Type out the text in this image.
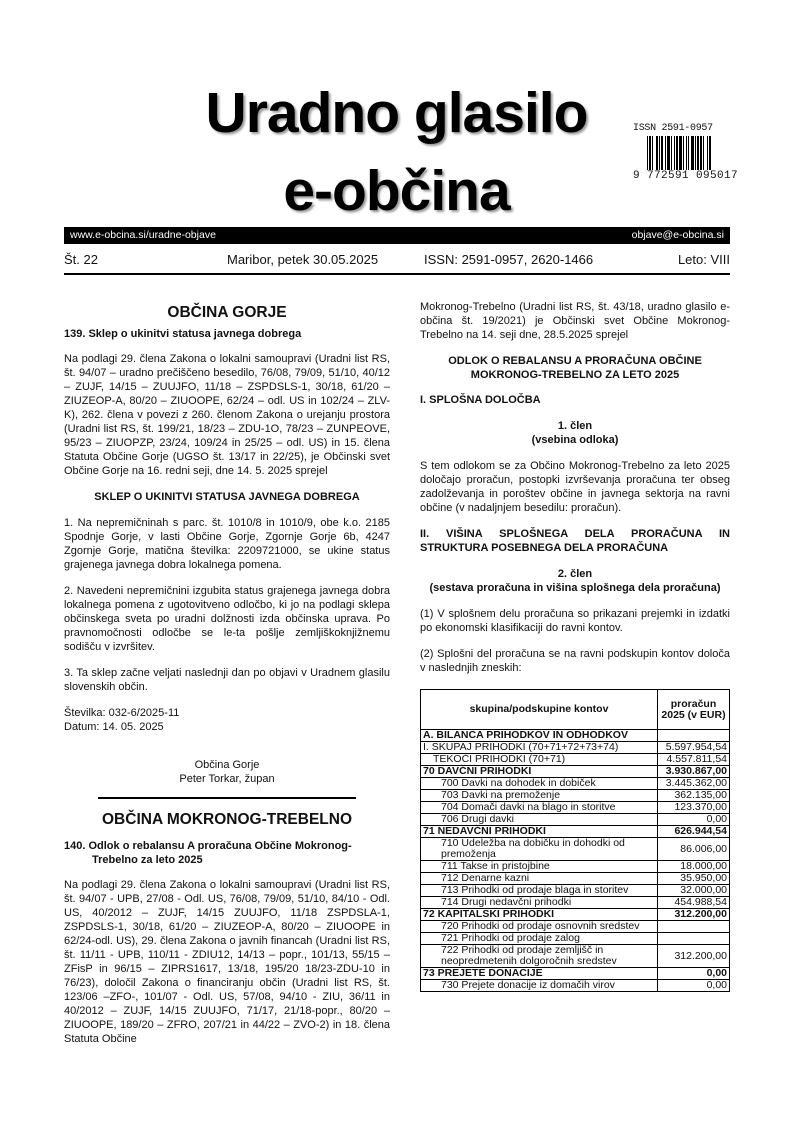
Uradno glasilo
e-občina
ISSN 2591-0957
9 772591 095017
www.e-obcina.si/uradne-objave	objave@e-obcina.si
Št. 22	Maribor, petek 30.05.2025	ISSN: 2591-0957, 2620-1466	Leto: VIII
OBČINA GORJE
139. Sklep o ukinitvi statusa javnega dobrega

Na podlagi 29. člena Zakona o lokalni samoupravi (Uradni list RS, št. 94/07 – uradno prečiščeno besedilo, 76/08, 79/09, 51/10, 40/12 – ZUJF, 14/15 – ZUUJFO, 11/18 – ZSPDSLS-1, 30/18, 61/20 – ZIUZEOP-A, 80/20 – ZIUOOPE, 62/24 – odl. US in 102/24 – ZLV-K), 262. člena v povezi z 260. členom Zakona o urejanju prostora (Uradni list RS, št. 199/21, 18/23 – ZDU-1O, 78/23 – ZUNPEOVE, 95/23 – ZIUOPZP, 23/24, 109/24 in 25/25 – odl. US) in 15. člena Statuta Občine Gorje (UGSO št. 13/17 in 22/25), je Občinski svet Občine Gorje na 16. redni seji, dne 14. 5. 2025 sprejel

SKLEP O UKINITVI STATUSA JAVNEGA DOBREGA

1. Na nepremičninah s parc. št. 1010/8 in 1010/9, obe k.o. 2185 Spodnje Gorje, v lasti Občine Gorje, Zgornje Gorje 6b, 4247 Zgornje Gorje, matična številka: 2209721000, se ukine status grajenega javnega dobra lokalnega pomena.

2. Navedeni nepremičnini izgubita status grajenega javnega dobra lokalnega pomena z ugotovitveno odločbo, ki jo na podlagi sklepa občinskega sveta po uradni dolžnosti izda občinska uprava. Po pravnomočnosti odločbe se le-ta pošlje zemljiškoknjižnemu sodišču v izvršitev.

3. Ta sklep začne veljati naslednji dan po objavi v Uradnem glasilu slovenskih občin.

Številka: 032-6/2025-11
Datum: 14. 05. 2025
Občina Gorje
Peter Torkar, župan
OBČINA MOKRONOG-TREBELNO
140. Odlok o rebalansu A proračuna Občine Mokronog-Trebelno za leto 2025

Na podlagi 29. člena Zakona o lokalni samoupravi (Uradni list RS, št. 94/07 - UPB, 27/08 - Odl. US, 76/08, 79/09, 51/10, 84/10 - Odl. US, 40/2012 – ZUJF, 14/15 ZUUJFO, 11/18 ZSPDSLA-1, ZSPDSLS-1, 30/18, 61/20 – ZIUZEOP-A, 80/20 – ZIUOOPE in 62/24-odl. US), 29. člena Zakona o javnih financah (Uradni list RS, št. 11/11 - UPB, 110/11 - ZDIU12, 14/13 – popr., 101/13, 55/15 – ZFisP in 96/15 – ZIPRS1617, 13/18, 195/20 18/23-ZDU-10 in 76/23), določil Zakona o financiranju občin (Uradni list RS, št. 123/06 –ZFO-, 101/07 - Odl. US, 57/08, 94/10 - ZIU, 36/11 in 40/2012 – ZUJF, 14/15 ZUUJFO, 71/17, 21/18-popr., 80/20 – ZIUOOPE, 189/20 – ZFRO, 207/21 in 44/22 – ZVO-2) in 18. člena Statuta Občine

Mokronog-Trebelno (Uradni list RS, št. 43/18, uradno glasilo e-občina št. 19/2021) je Občinski svet Občine Mokronog-Trebelno na 14. seji dne, 28.5.2025 sprejel

ODLOK O REBALANSU A PRORAČUNA OBČINE MOKRONOG-TREBELNO ZA LETO 2025
I. SPLOŠNA DOLOČBA
1. člen
(vsebina odloka)

S tem odlokom se za Občino Mokronog-Trebelno za leto 2025 določajo proračun, postopki izvrševanja proračuna ter obseg zadolževanja in poroštev občine in javnega sektorja na ravni občine (v nadaljnjem besedilu: proračun).

II. VIŠINA SPLOŠNEGA DELA PRORAČUNA IN STRUKTURA POSEBNEGA DELA PRORAČUNA
2. člen
(sestava proračuna in višina splošnega dela proračuna)

(1) V splošnem delu proračuna so prikazani prejemki in izdatki po ekonomski klasifikaciji do ravni kontov.

(2) Splošni del proračuna se na ravni podskupin kontov določa v naslednjih zneskih:

skupina/podskupine kontov	proračun 2025 (v EUR)
A. BILANCA PRIHODKOV IN ODHODKOV	
I. SKUPAJ PRIHODKI (70+71+72+73+74)	5.597.954,54
TEKOČI PRIHODKI (70+71)	4.557.811,54
70 DAVČNI PRIHODKI	3.930.867,00
700 Davki na dohodek in dobiček	3.445.362,00
703 Davki na premoženje	362.135,00
704 Domači davki na blago in storitve	123.370,00
706 Drugi davki	0,00
71 NEDAVČNI PRIHODKI	626.944,54
710 Udeležba na dobičku in dohodki od premoženja	86.006,00
711 Takse in pristojbine	18.000,00
712 Denarne kazni	35.950,00
713 Prihodki od prodaje blaga in storitev	32.000,00
714 Drugi nedavčni prihodki	454.988,54
72 KAPITALSKI PRIHODKI	312.200,00
720 Prihodki od prodaje osnovnih sredstev	
721 Prihodki od prodaje zalog	
722 Prihodki od prodaje zemljišč in neopredmetenih dolgoročnih sredstev	312.200,00
73 PREJETE DONACIJE	0,00
730 Prejete donacije iz domačih virov	0,00
